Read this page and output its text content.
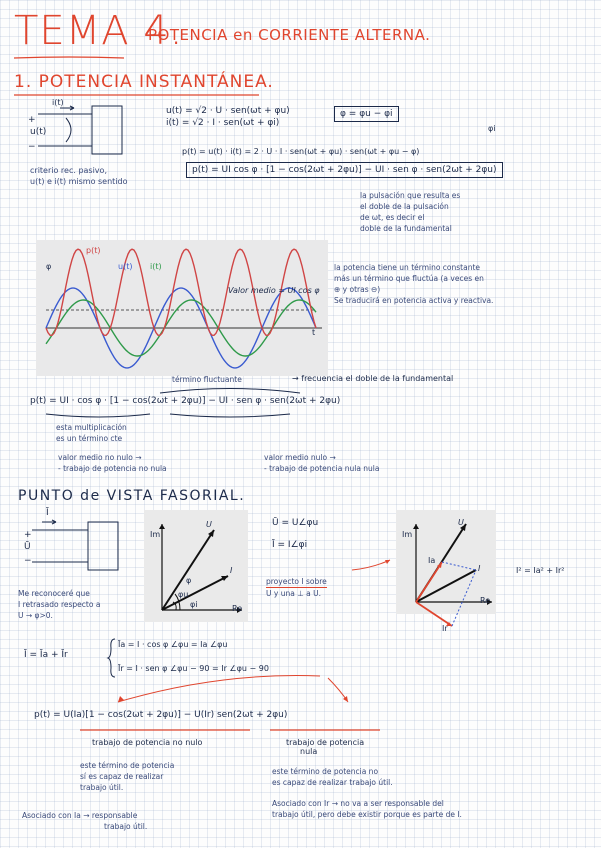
TEMA 4.
POTENCIA en CORRIENTE ALTERNA.
1. POTENCIA INSTANTÁNEA.
i(t)
+
u(t)
−
criterio rec. pasivo,
u(t) e i(t) mismo sentido
u(t) = √2 · U · sen(ωt + φu)
i(t) = √2 · I · sen(ωt + φi)
φ = φu − φi
φi
p(t) = u(t) · i(t) = 2 · U · I · sen(ωt + φu) · sen(ωt + φu − φ)
p(t) = UI cos φ · [1 − cos(2ωt + 2φu)] − UI · sen φ · sen(2ωt + 2φu)
la pulsación que resulta es
el doble de la pulsación
de ωt, es decir el
doble de la fundamental
p(t)
u(t) i(t)
φ
Valor medio = UI cos φ
t
la potencia tiene un término constante
más un término que fluctúa (a veces en
⊕ y otras ⊖)
Se traducirá en potencia activa y reactiva.
término fluctuante	→ frecuencia el doble de la fundamental
p(t) = UI · cos φ · [1 − cos(2ωt + 2φu)] − UI · sen φ · sen(2ωt + 2φu)
esta multiplicación
es un término cte
valor medio no nulo →
- trabajo de potencia no nula
valor medio nulo →
- trabajo de potencia nula nula
PUNTO de VISTA FASORIAL.
Ī
+
Ū
−
Me reconoceré que
I retrasado respecto a
U → φ>0.
Im
Re
U
I
φ
φu
φi
Ū = U∠φu
Ī = I∠φi
proyecto I sobre
U y una ⊥ a U.
Im
Re
U
I
Ia
Ir
I² = Ia² + Ir²
Ī = Īa + Īr
Īa = I · cos φ ∠φu = Ia ∠φu
Īr = I · sen φ ∠φu − 90 = Ir ∠φu − 90
p(t) = U(Ia)[1 − cos(2ωt + 2φu)] − U(Ir) sen(2ωt + 2φu)
trabajo de potencia no nulo	trabajo de potencia
nula
este término de potencia
sí es capaz de realizar
trabajo útil.
este término de potencia no
es capaz de realizar trabajo útil.
Asociado con Ia → responsable
trabajo útil.
Asociado con Ir → no va a ser responsable del
trabajo útil, pero debe existir porque es parte de I.
